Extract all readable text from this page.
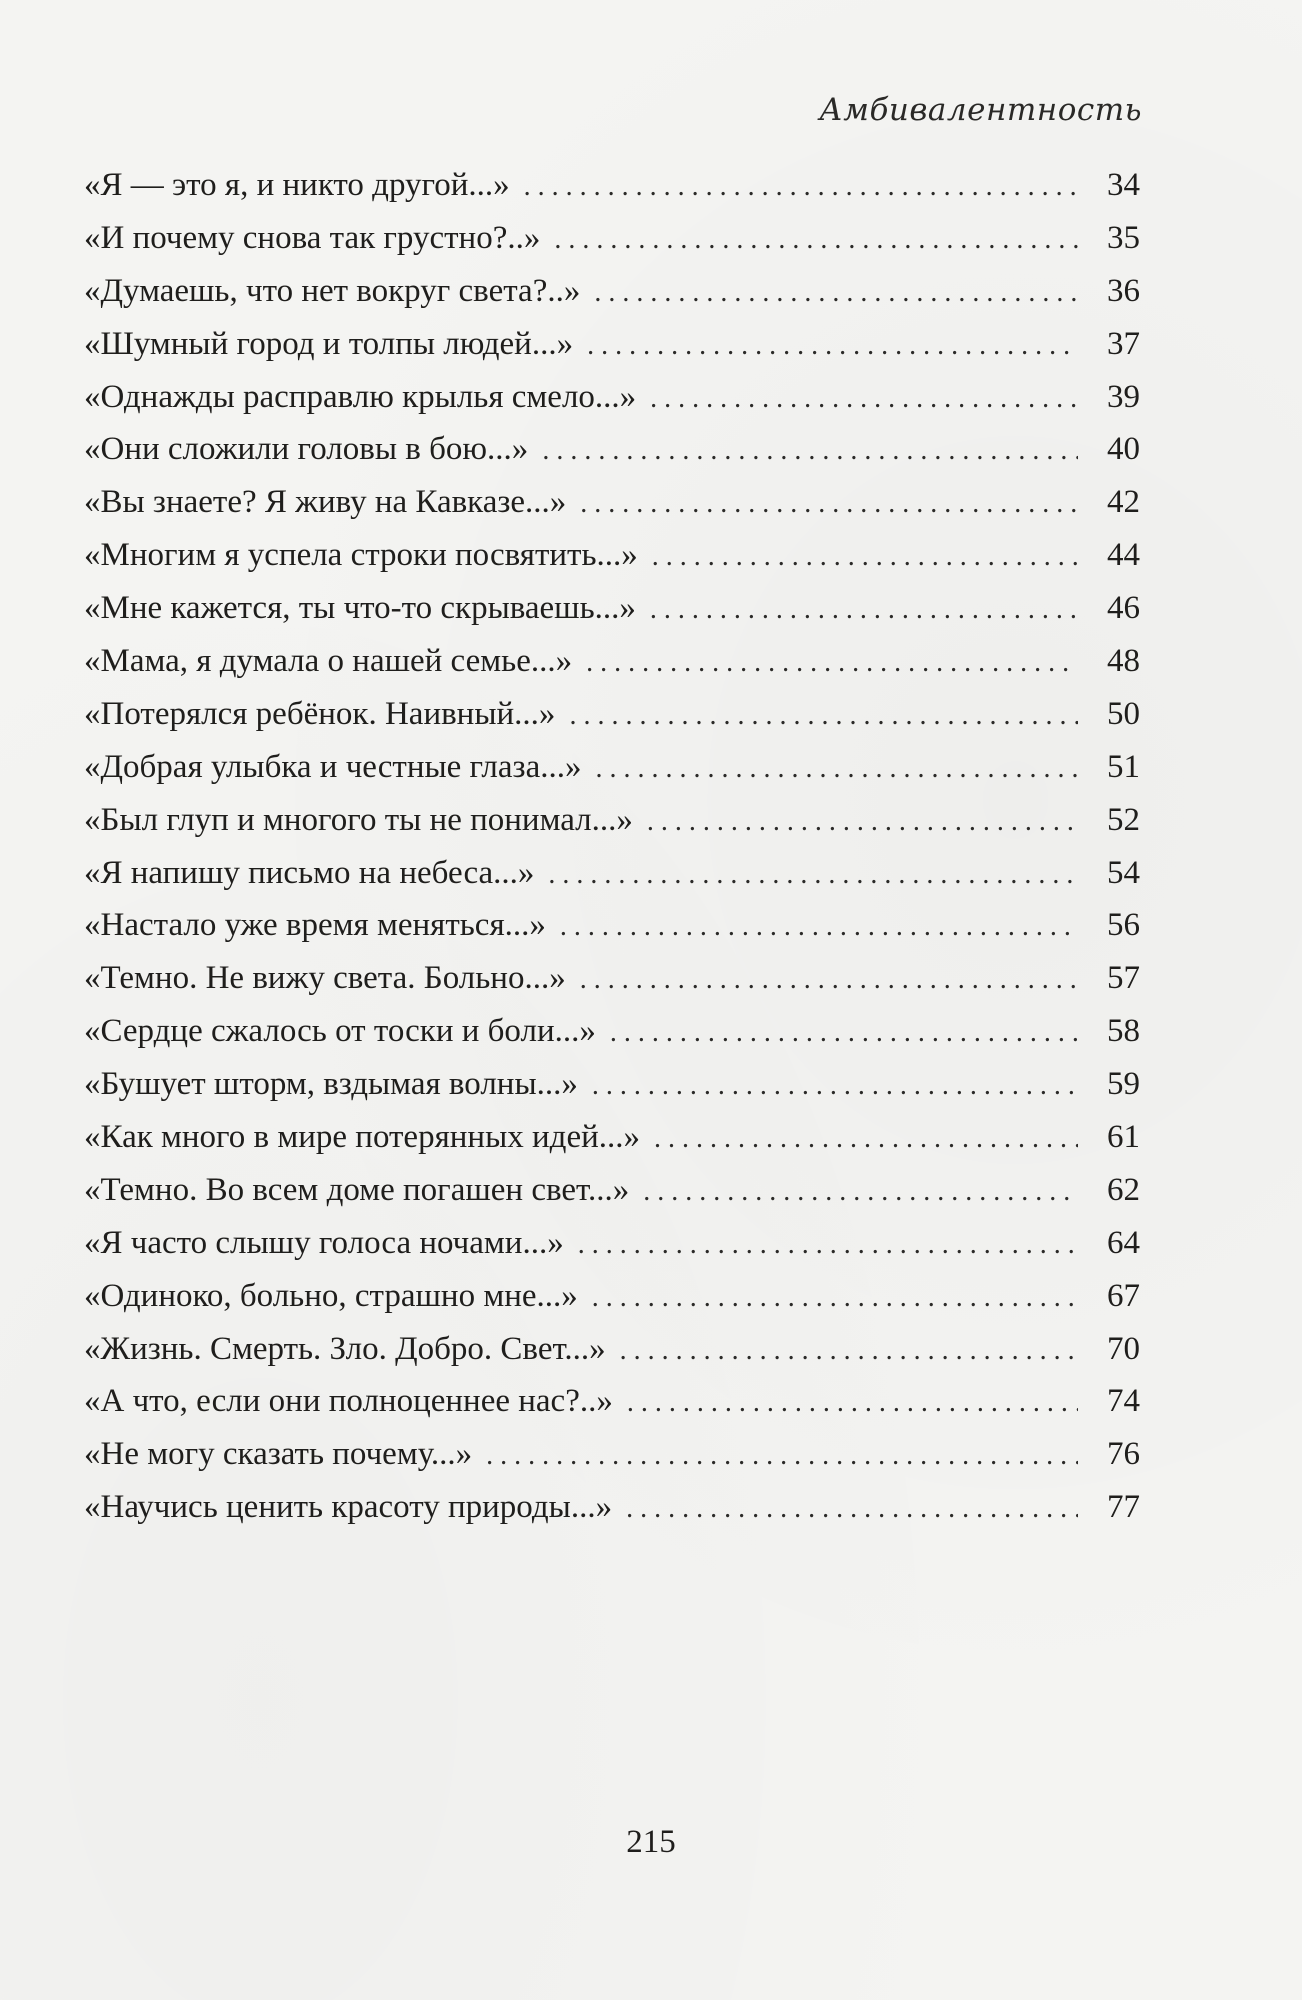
Амбивалентность
«Я — это я, и никто другой...» . . .	34
«И почему снова так грустно?..» . . .	35
«Думаешь, что нет вокруг света?..» . . .	36
«Шумный город и толпы людей...» . . .	37
«Однажды расправлю крылья смело...» . . .	39
«Они сложили головы в бою...» . . .	40
«Вы знаете? Я живу на Кавказе...» . . .	42
«Многим я успела строки посвятить...» . . .	44
«Мне кажется, ты что-то скрываешь...» . . .	46
«Мама, я думала о нашей семье...» . . .	48
«Потерялся ребёнок. Наивный...» . . .	50
«Добрая улыбка и честные глаза...» . . .	51
«Был глуп и многого ты не понимал...» . . .	52
«Я напишу письмо на небеса...» . . .	54
«Настало уже время меняться...» . . .	56
«Темно. Не вижу света. Больно...» . . .	57
«Сердце сжалось от тоски и боли...» . . .	58
«Бушует шторм, вздымая волны...» . . .	59
«Как много в мире потерянных идей...» . . .	61
«Темно. Во всем доме погашен свет...» . . .	62
«Я часто слышу голоса ночами...» . . .	64
«Одиноко, больно, страшно мне...» . . .	67
«Жизнь. Смерть. Зло. Добро. Свет...» . . .	70
«А что, если они полноценнее нас?..» . . .	74
«Не могу сказать почему...» . . .	76
«Научись ценить красоту природы...» . . .	77
215
